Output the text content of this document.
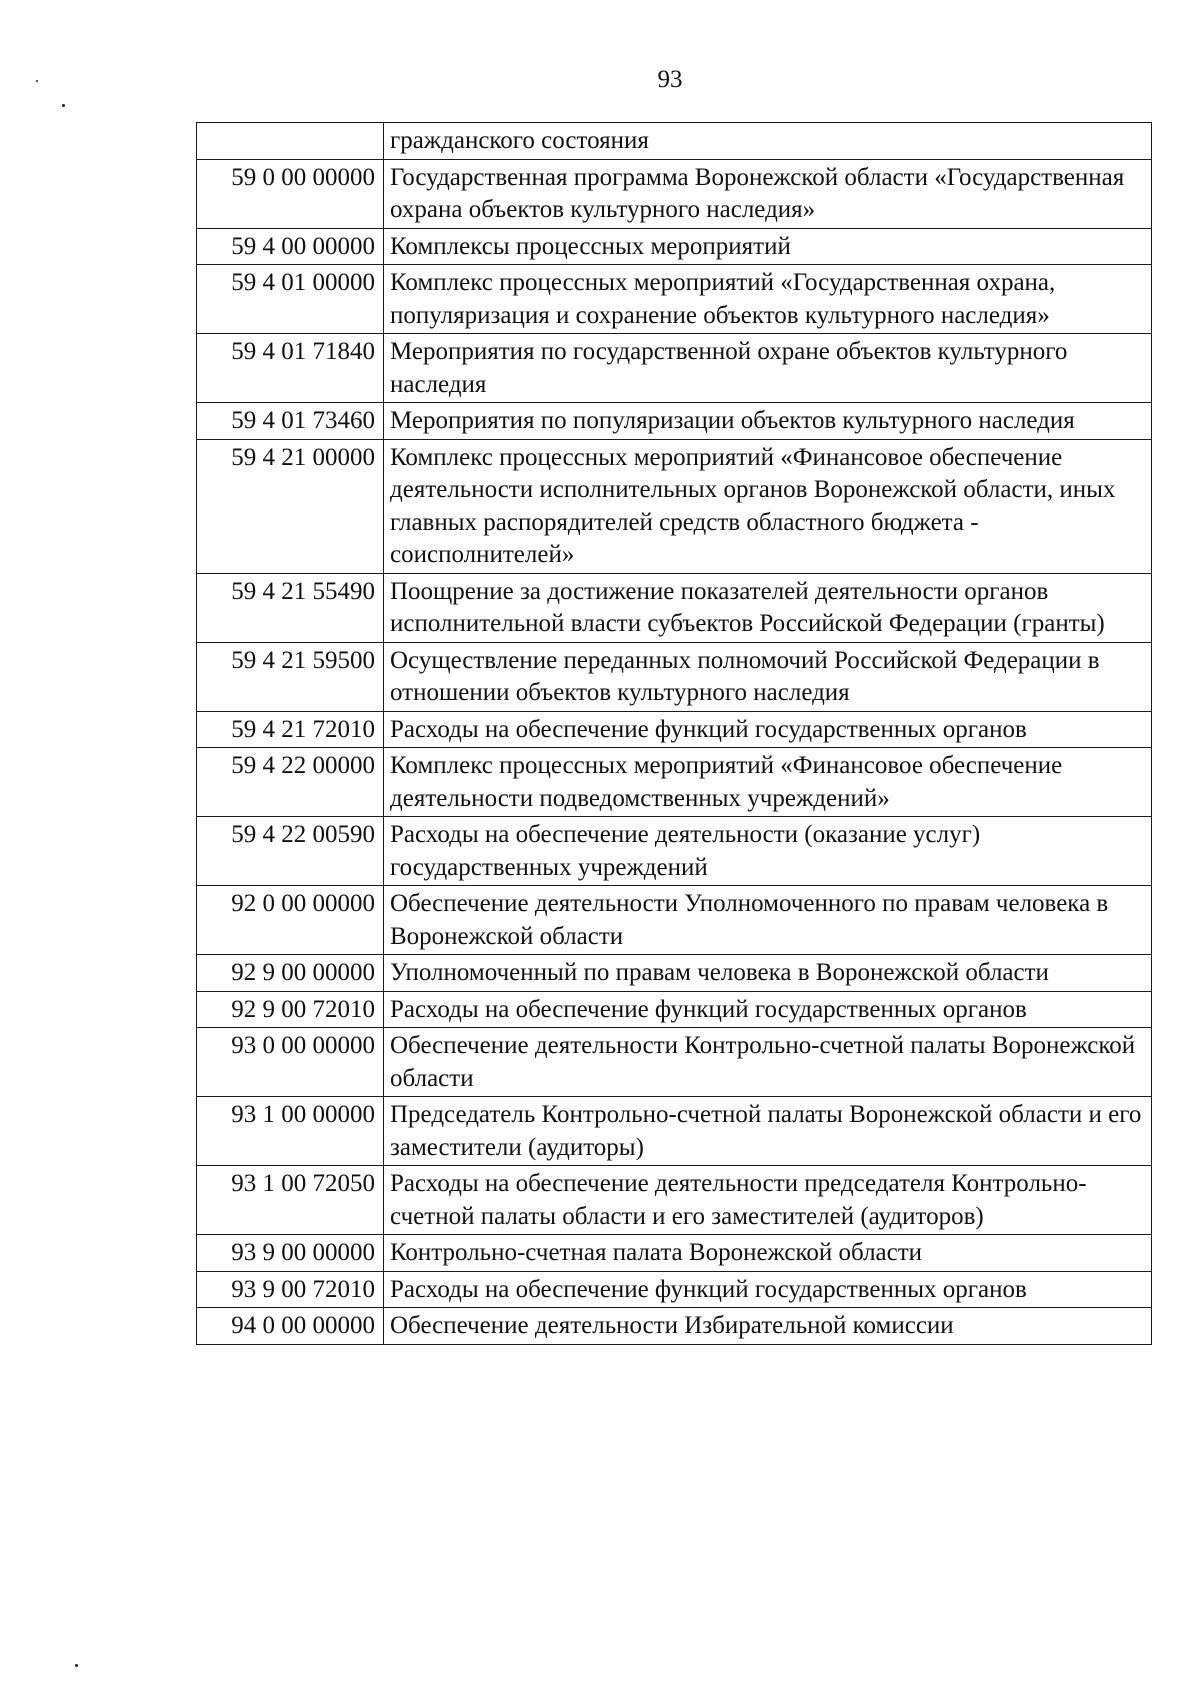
93
	гражданского состояния
59 0 00 00000	Государственная программа Воронежской области «Государственная охрана объектов культурного наследия»
59 4 00 00000	Комплексы процессных мероприятий
59 4 01 00000	Комплекс процессных мероприятий «Государственная охрана, популяризация и сохранение объектов культурного наследия»
59 4 01 71840	Мероприятия по государственной охране объектов культурного наследия
59 4 01 73460	Мероприятия по популяризации объектов культурного наследия
59 4 21 00000	Комплекс процессных мероприятий «Финансовое обеспечение деятельности исполнительных органов Воронежской области, иных главных распорядителей средств областного бюджета - соисполнителей»
59 4 21 55490	Поощрение за достижение показателей деятельности органов исполнительной власти субъектов Российской Федерации (гранты)
59 4 21 59500	Осуществление переданных полномочий Российской Федерации в отношении объектов культурного наследия
59 4 21 72010	Расходы на обеспечение функций государственных органов
59 4 22 00000	Комплекс процессных мероприятий «Финансовое обеспечение деятельности подведомственных учреждений»
59 4 22 00590	Расходы на обеспечение деятельности (оказание услуг) государственных учреждений
92 0 00 00000	Обеспечение деятельности Уполномоченного по правам человека в Воронежской области
92 9 00 00000	Уполномоченный по правам человека в Воронежской области
92 9 00 72010	Расходы на обеспечение функций государственных органов
93 0 00 00000	Обеспечение деятельности Контрольно-счетной палаты Воронежской области
93 1 00 00000	Председатель Контрольно-счетной палаты Воронежской области и его заместители (аудиторы)
93 1 00 72050	Расходы на обеспечение деятельности председателя Контрольно-счетной палаты области и его заместителей (аудиторов)
93 9 00 00000	Контрольно-счетная палата Воронежской области
93 9 00 72010	Расходы на обеспечение функций государственных органов
94 0 00 00000	Обеспечение деятельности Избирательной комиссии
